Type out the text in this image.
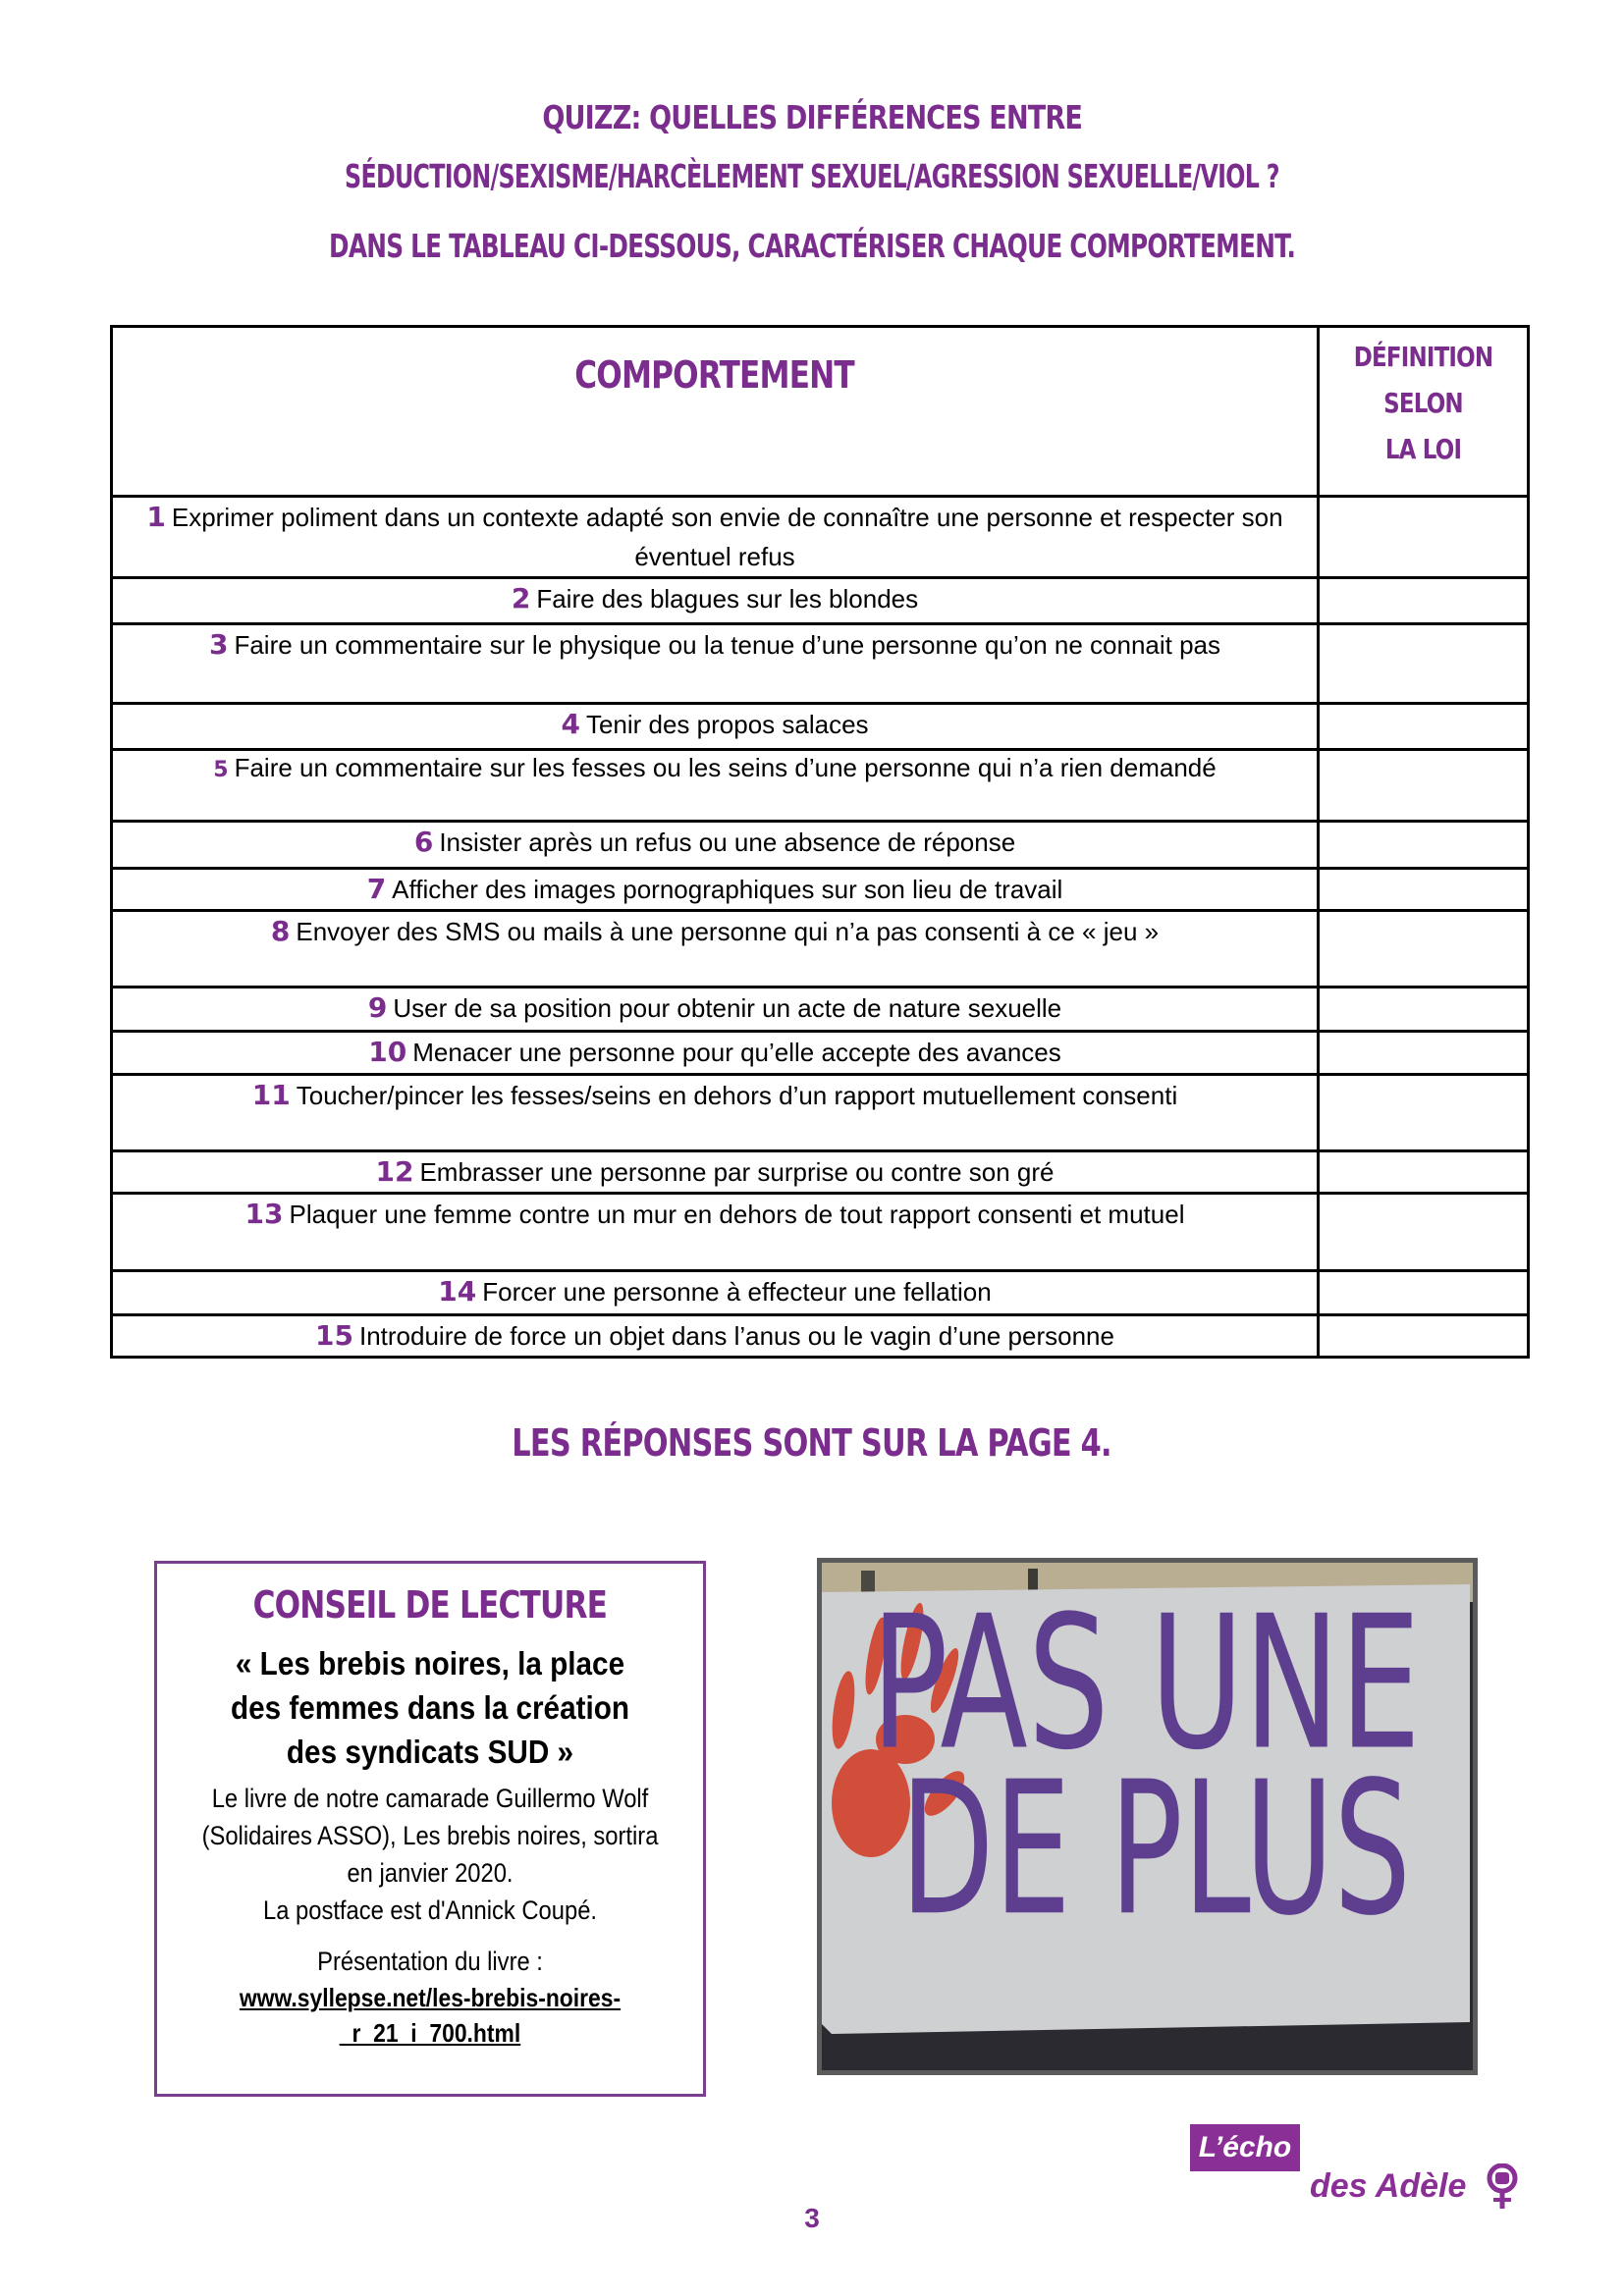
QUIZZ: QUELLES DIFFÉRENCES ENTRE
SÉDUCTION/SEXISME/HARCÈLEMENT SEXUEL/AGRESSION SEXUELLE/VIOL ?
DANS LE TABLEAU CI-DESSOUS, CARACTÉRISER CHAQUE COMPORTEMENT.
COMPORTEMENT	DÉFINITION
SELON
LA LOI

1 Exprimer poliment dans un contexte adapté son envie de connaître une personne et respecter son éventuel refus	
2 Faire des blagues sur les blondes	
3 Faire un commentaire sur le physique ou la tenue d’une personne qu’on ne connait pas	
4 Tenir des propos salaces	
5 Faire un commentaire sur les fesses ou les seins d’une personne qui n’a rien demandé	
6 Insister après un refus ou une absence de réponse	
7 Afficher des images pornographiques sur son lieu de travail	
8 Envoyer des SMS ou mails à une personne qui n’a pas consenti à ce « jeu »	
9 User de sa position pour obtenir un acte de nature sexuelle	
10 Menacer une personne pour qu’elle accepte des avances	
11 Toucher/pincer les fesses/seins en dehors d’un rapport mutuellement consenti	
12 Embrasser une personne par surprise ou contre son gré	
13 Plaquer une femme contre un mur en dehors de tout rapport consenti et mutuel	
14 Forcer une personne à effecteur une fellation	
15 Introduire de force un objet dans l’anus ou le vagin d’une personne	
LES RÉPONSES SONT SUR LA PAGE 4.
CONSEIL DE LECTURE
« Les brebis noires, la place
des femmes dans la création
des syndicats SUD »
Le livre de notre camarade Guillermo Wolf
(Solidaires ASSO), Les brebis noires, sortira
en janvier 2020.
La postface est d'Annick Coupé.
Présentation du livre :
www.syllepse.net/les-brebis-noires-
_r_21_i_700.html
PAS UNE
DE PLUS
L’écho
des Adèle
3
